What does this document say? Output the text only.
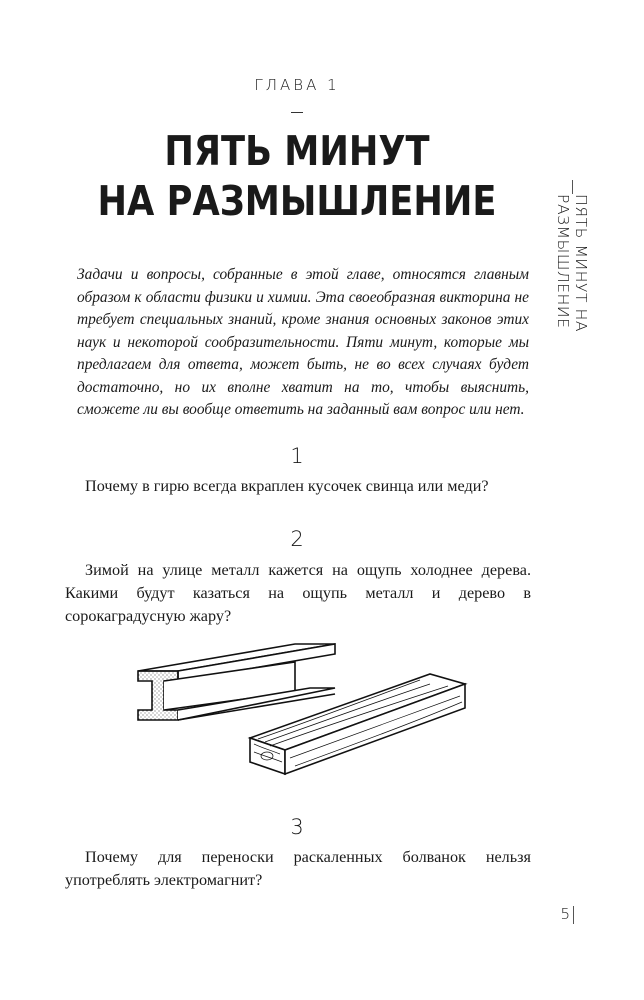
ГЛАВА 1
ПЯТЬ МИНУТ
НА РАЗМЫШЛЕНИЕ	ПЯТЬ МИНУТ НА РАЗМЫШЛЕНИЕ
Задачи и вопросы, собранные в этой главе, относятся главным образом к области физики и химии. Эта своеобразная викторина не требует специальных знаний, кроме знания основных законов этих наук и некоторой сообразительности. Пяти минут, которые мы предлагаем для ответа, может быть, не во всех случаях будет достаточно, но их вполне хватит на то, чтобы выяснить, сможете ли вы вообще ответить на заданный вам вопрос или нет.
1

Почему в гирю всегда вкраплен кусочек свинца или меди?

2

Зимой на улице металл кажется на ощупь холоднее дерева. Какими будут казаться на ощупь металл и дерево в сорокаградусную жару?

3

Почему для переноски раскаленных болванок нельзя употреблять электромагнит?

5
